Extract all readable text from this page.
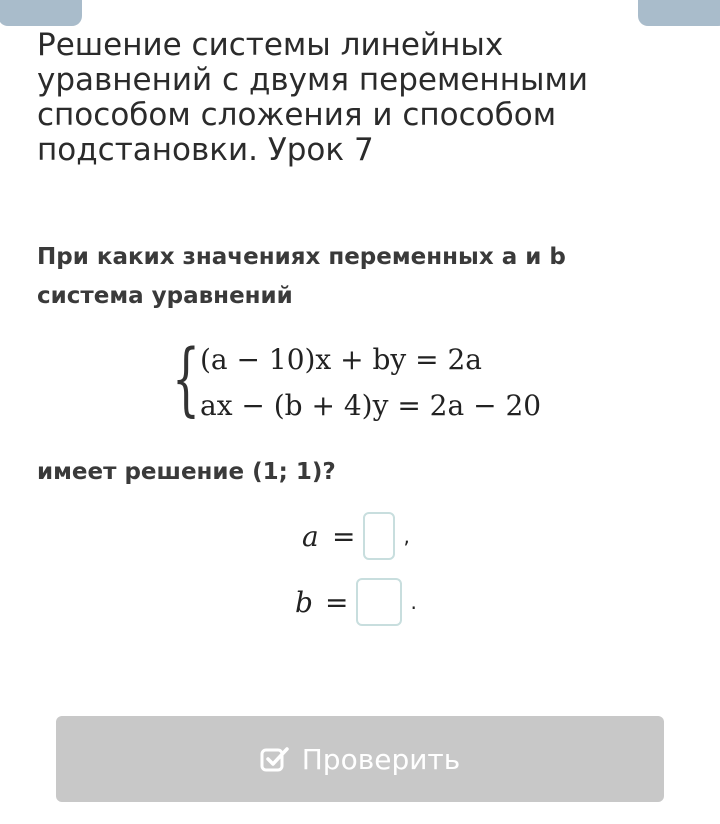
Решение системы линейных уравнений с двумя переменными способом сложения и способом подстановки. Урок 7

При каких значениях переменных a и b система уравнений

{ (a − 10)x + by = 2a
ax − (b + 4)y = 2a − 20

имеет решение (1; 1)?

a = ,
b =	.
Проверить
